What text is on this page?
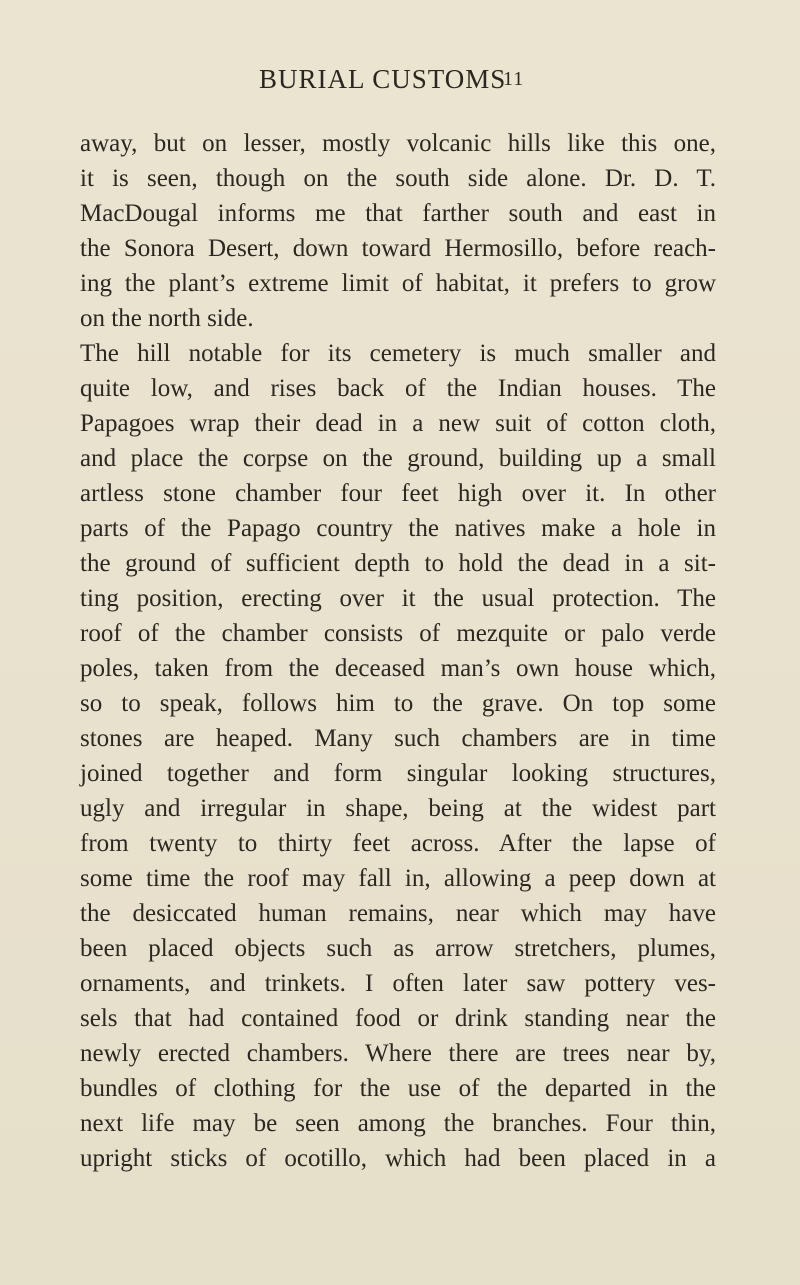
BURIAL CUSTOMS
11
away, but on lesser, mostly volcanic hills like this one,
it is seen, though on the south side alone. Dr. D. T.
MacDougal informs me that farther south and east in
the Sonora Desert, down toward Hermosillo, before reach-
ing the plant’s extreme limit of habitat, it prefers to grow
on the north side.
The hill notable for its cemetery is much smaller and
quite low, and rises back of the Indian houses. The
Papagoes wrap their dead in a new suit of cotton cloth,
and place the corpse on the ground, building up a small
artless stone chamber four feet high over it. In other
parts of the Papago country the natives make a hole in
the ground of sufficient depth to hold the dead in a sit-
ting position, erecting over it the usual protection. The
roof of the chamber consists of mezquite or palo verde
poles, taken from the deceased man’s own house which,
so to speak, follows him to the grave. On top some
stones are heaped. Many such chambers are in time
joined together and form singular looking structures,
ugly and irregular in shape, being at the widest part
from twenty to thirty feet across. After the lapse of
some time the roof may fall in, allowing a peep down at
the desiccated human remains, near which may have
been placed objects such as arrow stretchers, plumes,
ornaments, and trinkets. I often later saw pottery ves-
sels that had contained food or drink standing near the
newly erected chambers. Where there are trees near by,
bundles of clothing for the use of the departed in the
next life may be seen among the branches. Four thin,
upright sticks of ocotillo, which had been placed in a
